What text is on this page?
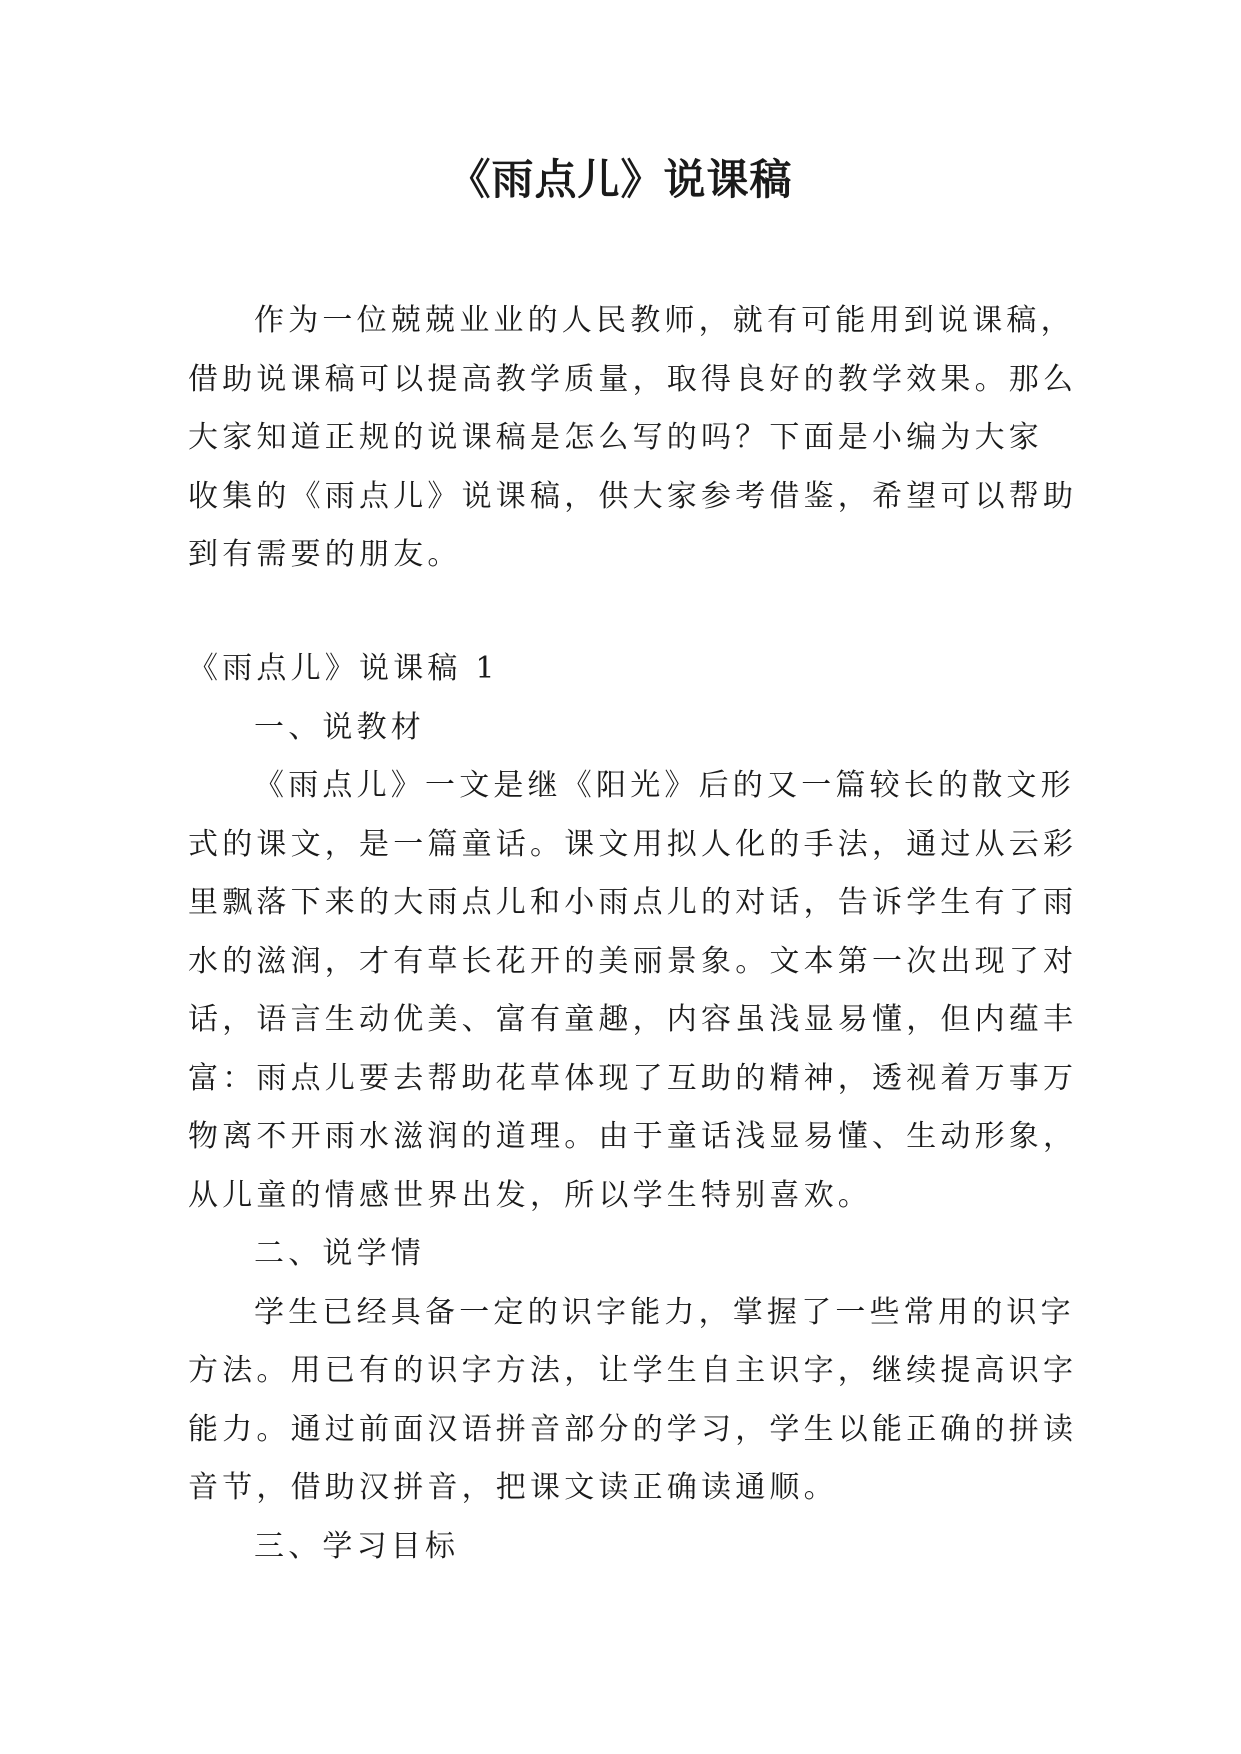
《雨点儿》说课稿
作为一位兢兢业业的人民教师，就有可能用到说课稿，
借助说课稿可以提高教学质量，取得良好的教学效果。那么
大家知道正规的说课稿是怎么写的吗？下面是小编为大家
收集的《雨点儿》说课稿，供大家参考借鉴，希望可以帮助
到有需要的朋友。
《雨点儿》说课稿 1
一、说教材
《雨点儿》一文是继《阳光》后的又一篇较长的散文形
式的课文，是一篇童话。课文用拟人化的手法，通过从云彩
里飘落下来的大雨点儿和小雨点儿的对话，告诉学生有了雨
水的滋润，才有草长花开的美丽景象。文本第一次出现了对
话，语言生动优美、富有童趣，内容虽浅显易懂，但内蕴丰
富：雨点儿要去帮助花草体现了互助的精神，透视着万事万
物离不开雨水滋润的道理。由于童话浅显易懂、生动形象，
从儿童的情感世界出发，所以学生特别喜欢。
二、说学情
学生已经具备一定的识字能力，掌握了一些常用的识字
方法。用已有的识字方法，让学生自主识字，继续提高识字
能力。通过前面汉语拼音部分的学习，学生以能正确的拼读
音节，借助汉拼音，把课文读正确读通顺。
三、学习目标
